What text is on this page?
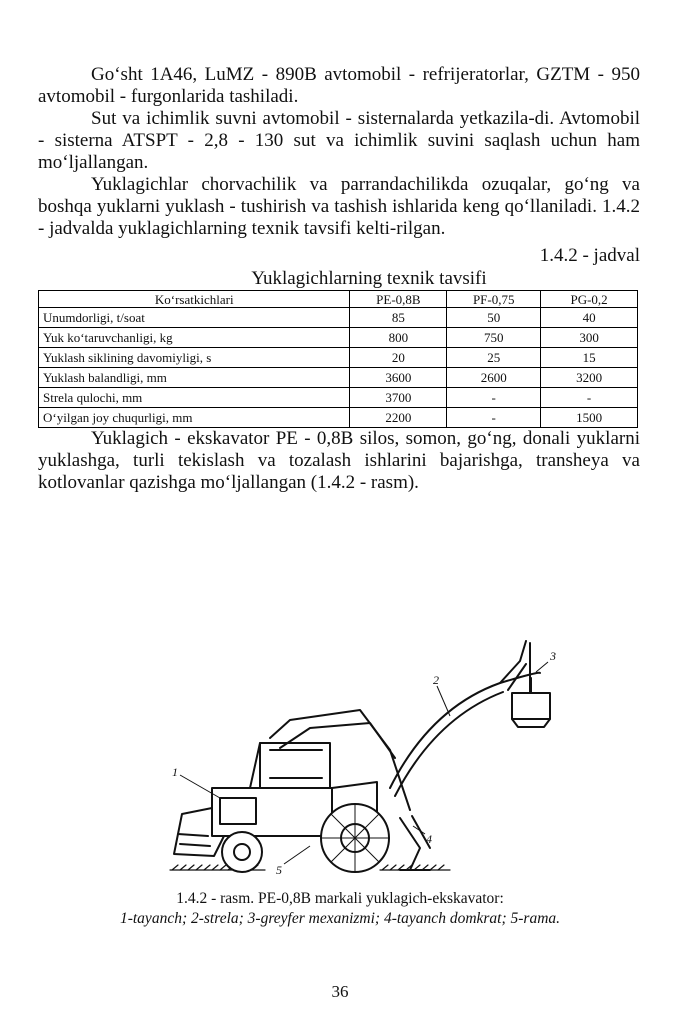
Go‘sht 1A46, LuMZ - 890B avtomobil - refrijeratorlar, GZTM - 950 avtomobil - furgonlarida tashiladi.

Sut va ichimlik suvni avtomobil - sisternalarda yetkazila-di. Avtomobil - sisterna ATSPT - 2,8 - 130 sut va ichimlik suvini saqlash uchun ham mo‘ljallangan.

Yuklagichlar chorvachilik va parrandachilikda ozuqalar, go‘ng va boshqa yuklarni yuklash - tushirish va tashish ishlarida keng qo‘llaniladi. 1.4.2 - jadvalda yuklagichlarning texnik tavsifi kelti-rilgan.

1.4.2 - jadval
Yuklagichlarning texnik tavsifi
Ko‘rsatkichlari	PE-0,8B	PF-0,75	PG-0,2
Unumdorligi, t/soat	85	50	40
Yuk ko‘taruvchanligi, kg	800	750	300
Yuklash siklining davomiyligi, s	20	25	15
Yuklash balandligi, mm	3600	2600	3200
Strela qulochi, mm	3700	-	-
O‘yilgan joy chuqurligi, mm	2200	-	1500

Yuklagich - ekskavator PE - 0,8B silos, somon, go‘ng, donali yuklarni yuklashga, turli tekislash va tozalash ishlarini bajarishga, transheya va kotlovanlar qazishga mo‘ljallangan (1.4.2 - rasm).

1
2
3
4
5
1.4.2 - rasm. PE-0,8B markali yuklagich-ekskavator:
1-tayanch; 2-strela; 3-greyfer mexanizmi; 4-tayanch domkrat; 5-rama.
36
